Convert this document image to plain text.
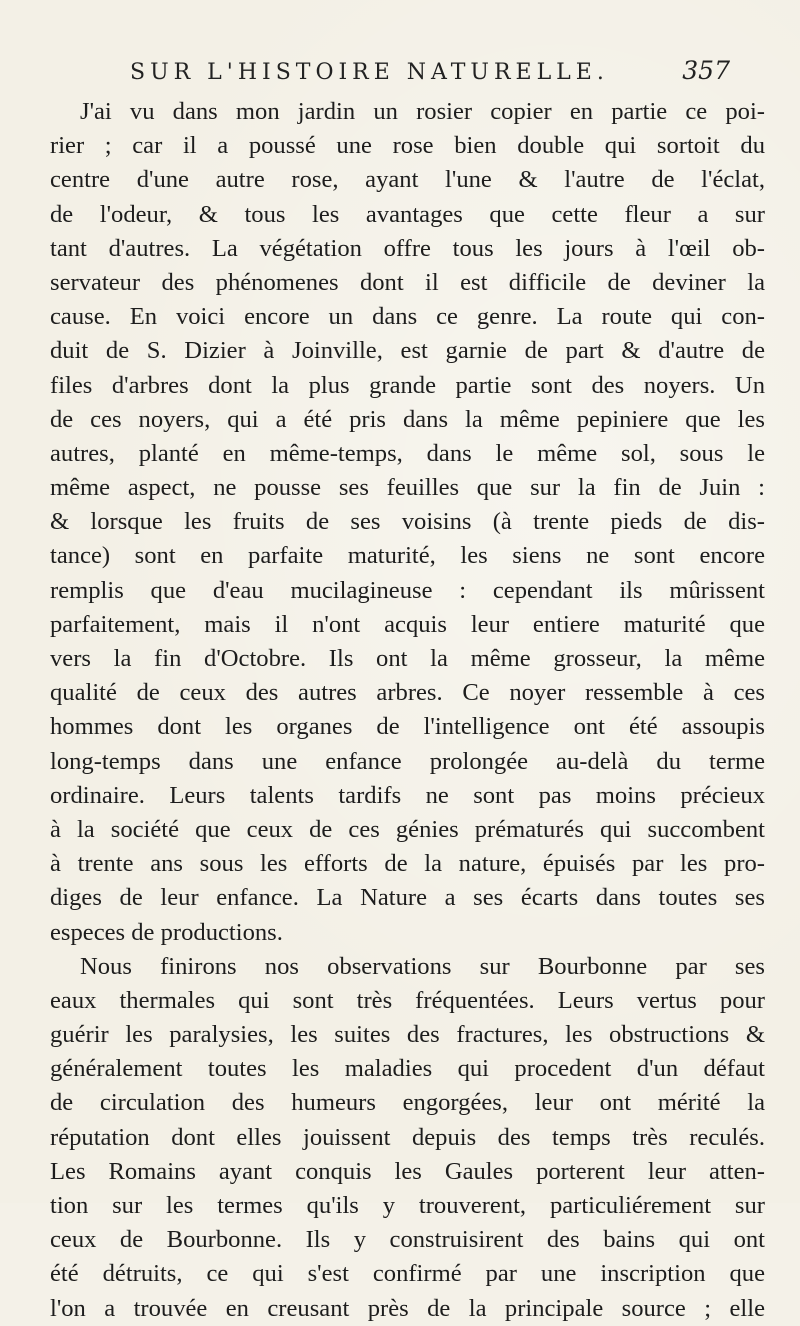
SUR L'HISTOIRE NATURELLE.	357
J'ai vu dans mon jardin un rosier copier en partie ce poi-
rier ; car il a poussé une rose bien double qui sortoit du
centre d'une autre rose, ayant l'une & l'autre de l'éclat,
de l'odeur, & tous les avantages que cette fleur a sur
tant d'autres. La végétation offre tous les jours à l'œil ob-
servateur des phénomenes dont il est difficile de deviner la
cause. En voici encore un dans ce genre. La route qui con-
duit de S. Dizier à Joinville, est garnie de part & d'autre de
files d'arbres dont la plus grande partie sont des noyers. Un
de ces noyers, qui a été pris dans la même pepiniere que les
autres, planté en même-temps, dans le même sol, sous le
même aspect, ne pousse ses feuilles que sur la fin de Juin :
& lorsque les fruits de ses voisins (à trente pieds de dis-
tance) sont en parfaite maturité, les siens ne sont encore
remplis que d'eau mucilagineuse : cependant ils mûrissent
parfaitement, mais il n'ont acquis leur entiere maturité que
vers la fin d'Octobre. Ils ont la même grosseur, la même
qualité de ceux des autres arbres. Ce noyer ressemble à ces
hommes dont les organes de l'intelligence ont été assoupis
long-temps dans une enfance prolongée au-delà du terme
ordinaire. Leurs talents tardifs ne sont pas moins précieux
à la société que ceux de ces génies prématurés qui succombent
à trente ans sous les efforts de la nature, épuisés par les pro-
diges de leur enfance. La Nature a ses écarts dans toutes ses
especes de productions.
Nous finirons nos observations sur Bourbonne par ses
eaux thermales qui sont très fréquentées. Leurs vertus pour
guérir les paralysies, les suites des fractures, les obstructions &
généralement toutes les maladies qui procedent d'un défaut
de circulation des humeurs engorgées, leur ont mérité la
réputation dont elles jouissent depuis des temps très reculés.
Les Romains ayant conquis les Gaules porterent leur atten-
tion sur les termes qu'ils y trouverent, particuliérement sur
ceux de Bourbonne. Ils y construisirent des bains qui ont
été détruits, ce qui s'est confirmé par une inscription que
l'on a trouvée en creusant près de la principale source ; elle
